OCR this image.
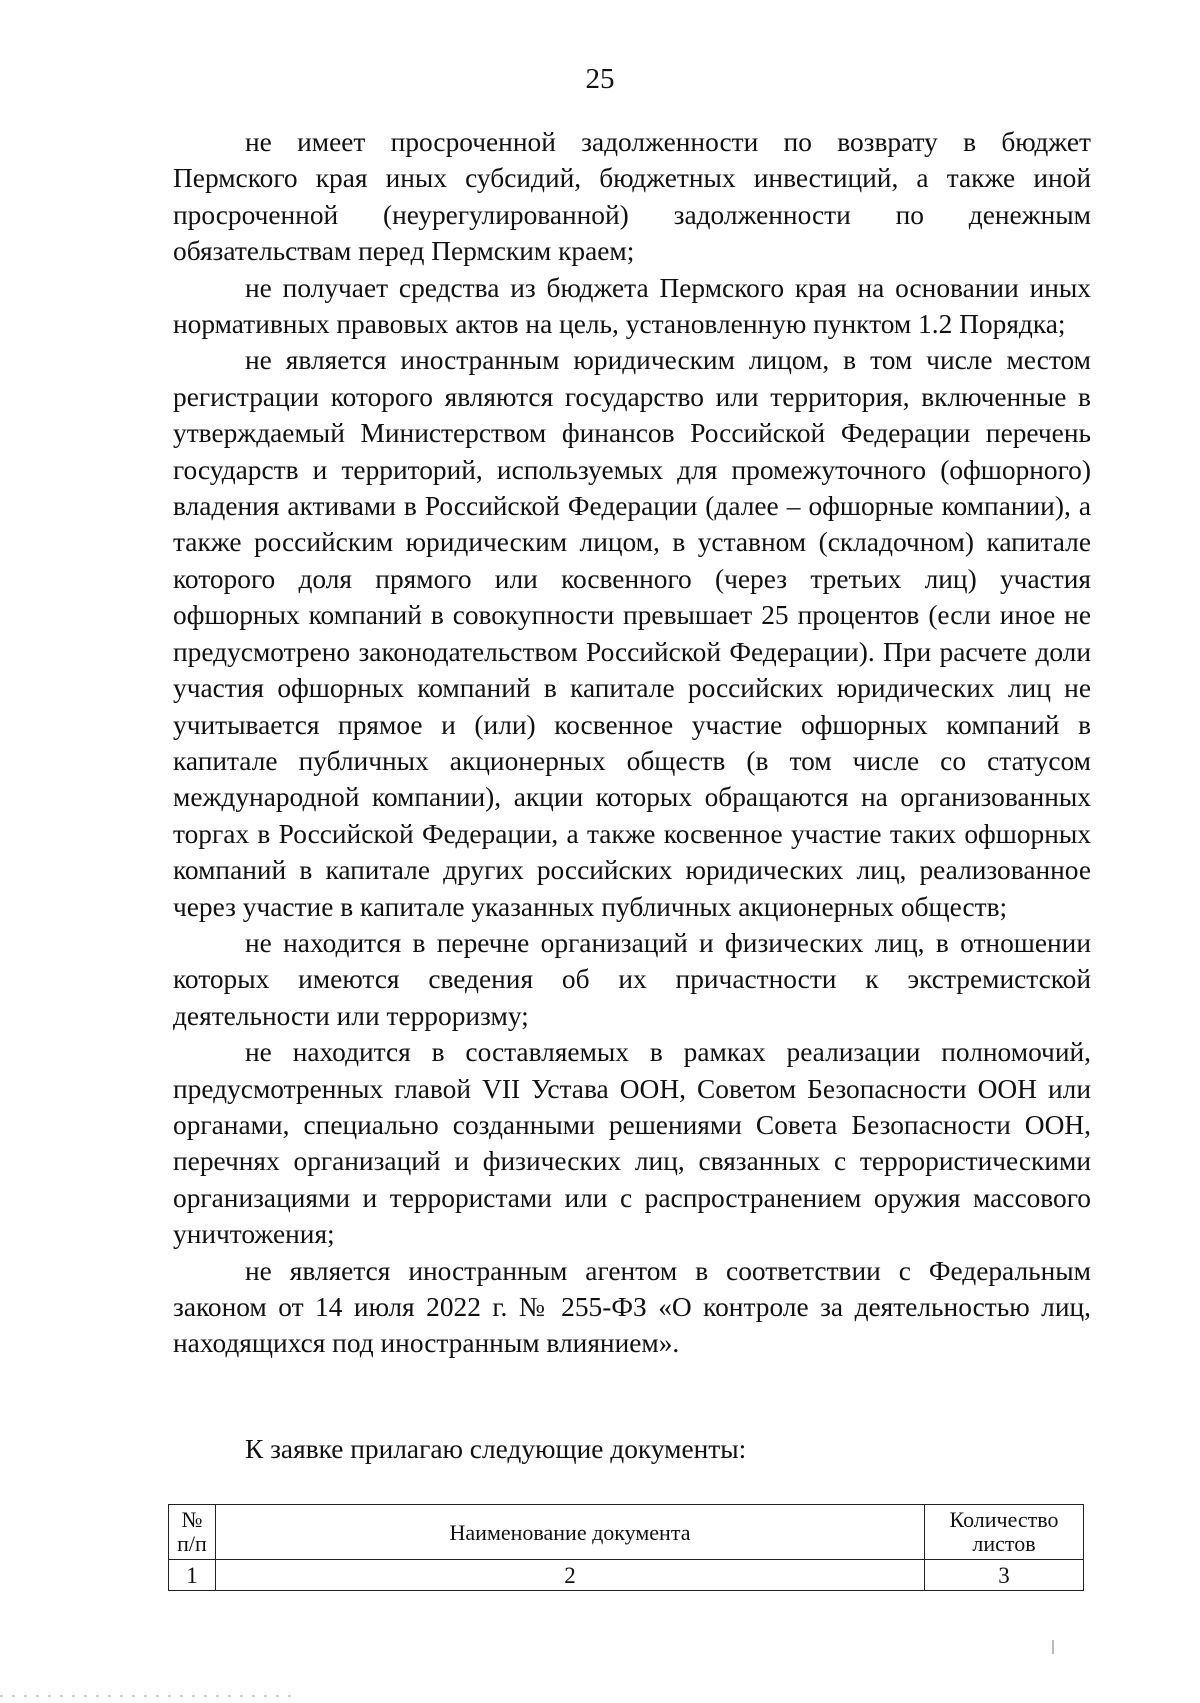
25

не имеет просроченной задолженности по возврату в бюджет Пермского края иных субсидий, бюджетных инвестиций, а также иной просроченной (неурегулированной) задолженности по денежным обязательствам перед Пермским краем;

не получает средства из бюджета Пермского края на основании иных нормативных правовых актов на цель, установленную пунктом 1.2 Порядка;

не является иностранным юридическим лицом, в том числе местом регистрации которого являются государство или территория, включенные в утверждаемый Министерством финансов Российской Федерации перечень государств и территорий, используемых для промежуточного (офшорного) владения активами в Российской Федерации (далее – офшорные компании), а также российским юридическим лицом, в уставном (складочном) капитале которого доля прямого или косвенного (через третьих лиц) участия офшорных компаний в совокупности превышает 25 процентов (если иное не предусмотрено законодательством Российской Федерации). При расчете доли участия офшорных компаний в капитале российских юридических лиц не учитывается прямое и (или) косвенное участие офшорных компаний в капитале публичных акционерных обществ (в том числе со статусом международной компании), акции которых обращаются на организованных торгах в Российской Федерации, а также косвенное участие таких офшорных компаний в капитале других российских юридических лиц, реализованное через участие в капитале указанных публичных акционерных обществ;

не находится в перечне организаций и физических лиц, в отношении которых имеются сведения об их причастности к экстремистской деятельности или терроризму;

не находится в составляемых в рамках реализации полномочий, предусмотренных главой VII Устава ООН, Советом Безопасности ООН или органами, специально созданными решениями Совета Безопасности ООН, перечнях организаций и физических лиц, связанных с террористическими организациями и террористами или с распространением оружия массового уничтожения;

не является иностранным агентом в соответствии с Федеральным законом от 14 июля 2022 г. № 255-ФЗ «О контроле за деятельностью лиц, находящихся под иностранным влиянием».

К заявке прилагаю следующие документы:
№ п/п	Наименование документа	Количество листов
1	2	3
